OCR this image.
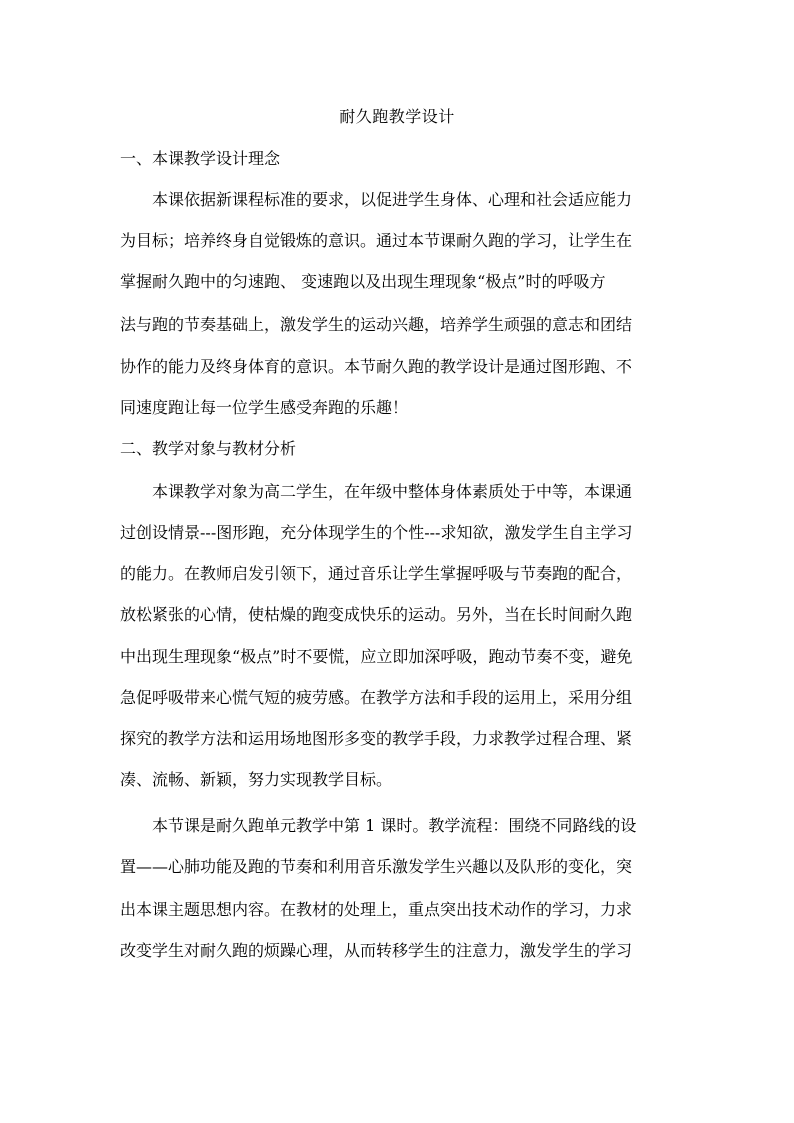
耐久跑教学设计
一、本课教学设计理念
本课依据新课程标准的要求，以促进学生身体、心理和社会适应能力
为目标；培养终身自觉锻炼的意识。通过本节课耐久跑的学习，让学生在
掌握耐久跑中的匀速跑、 变速跑以及出现生理现象“极点”时的呼吸方
法与跑的节奏基础上，激发学生的运动兴趣，培养学生顽强的意志和团结
协作的能力及终身体育的意识。本节耐久跑的教学设计是通过图形跑、不
同速度跑让每一位学生感受奔跑的乐趣！
二、教学对象与教材分析
本课教学对象为高二学生，在年级中整体身体素质处于中等，本课通
过创设情景---图形跑，充分体现学生的个性---求知欲，激发学生自主学习
的能力。在教师启发引领下，通过音乐让学生掌握呼吸与节奏跑的配合，
放松紧张的心情，使枯燥的跑变成快乐的运动。另外，当在长时间耐久跑
中出现生理现象“极点”时不要慌，应立即加深呼吸，跑动节奏不变，避免
急促呼吸带来心慌气短的疲劳感。在教学方法和手段的运用上，采用分组
探究的教学方法和运用场地图形多变的教学手段，力求教学过程合理、紧
凑、流畅、新颖，努力实现教学目标。
本节课是耐久跑单元教学中第 1 课时。教学流程：围绕不同路线的设
置——心肺功能及跑的节奏和利用音乐激发学生兴趣以及队形的变化，突
出本课主题思想内容。在教材的处理上，重点突出技术动作的学习，力求
改变学生对耐久跑的烦躁心理，从而转移学生的注意力，激发学生的学习
